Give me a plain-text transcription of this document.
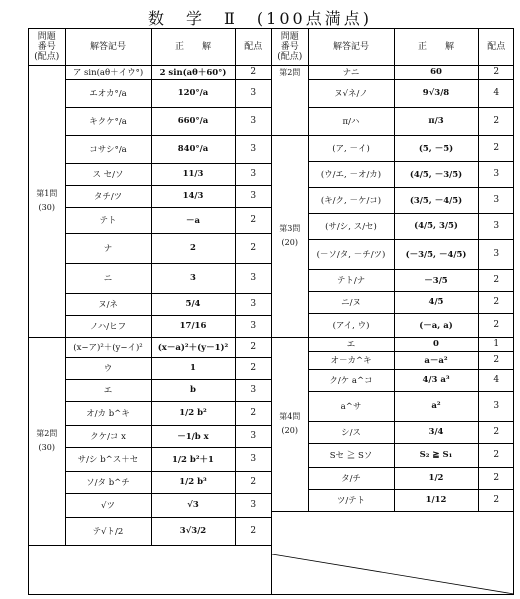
数　学　Ⅱ　(100点満点)
問題
番号
(配点)	解答記号	正　　解	配点

第1問
(30)	ア sin(aθ＋イウ°)	2 sin(aθ＋60°)	2
	エオカ°/a	120°/a	3
	キクケ°/a	660°/a	3
	コサシ°/a	840°/a	3
	ス セ/ソ	11/3	3
	タチ/ツ	14/3	3
	テト	－a	2
	ナ	2	2
	ニ	3	3
	ヌ/ネ	5/4	3
	ノハ/ヒフ	17/16	3

第2問
(30)	(x−ア)²＋(y−イ)²	(x－a)²＋(y－1)²	2
	ウ	1	2
	エ	b	3
	オ/カ b^キ	1/2 b²	2
	クケ/コ x	－1/b x	3
	サ/シ b^ス＋セ	1/2 b²＋1	3
	ソ/タ b^チ	1/2 b³	2
	√ツ	√3	3
	テ√ト/2	3√3/2	2
問題
番号
(配点)	解答記号	正　　解	配点

第2問	ナニ	60	2
	ヌ√ネ/ノ	9√3/8	4
	π/ハ	π/3	2

第3問
(20)	(ア, －イ)	(5, －5)	2
	(ウ/エ, －オ/カ)	(4/5, －3/5)	3
	(キ/ク, －ケ/コ)	(3/5, －4/5)	3
	(サ/シ, ス/セ)	(4/5, 3/5)	3
	(－ソ/タ, －チ/ツ)	(－3/5, －4/5)	3
	テト/ナ	－3/5	2
	ニ/ヌ	4/5	2
	(アイ, ウ)	(－a, a)	2

第4問
(20)	エ	0	1
	オ－カ^キ	a－a²	2
	ク/ケ a^コ	4/3 a³	4
	a^サ	a²	3
	シ/ス	3/4	2
	Sセ ≧ Sソ	S₂ ≧ S₁	2
	タ/チ	1/2	2
	ツ/テト	1/12	2
